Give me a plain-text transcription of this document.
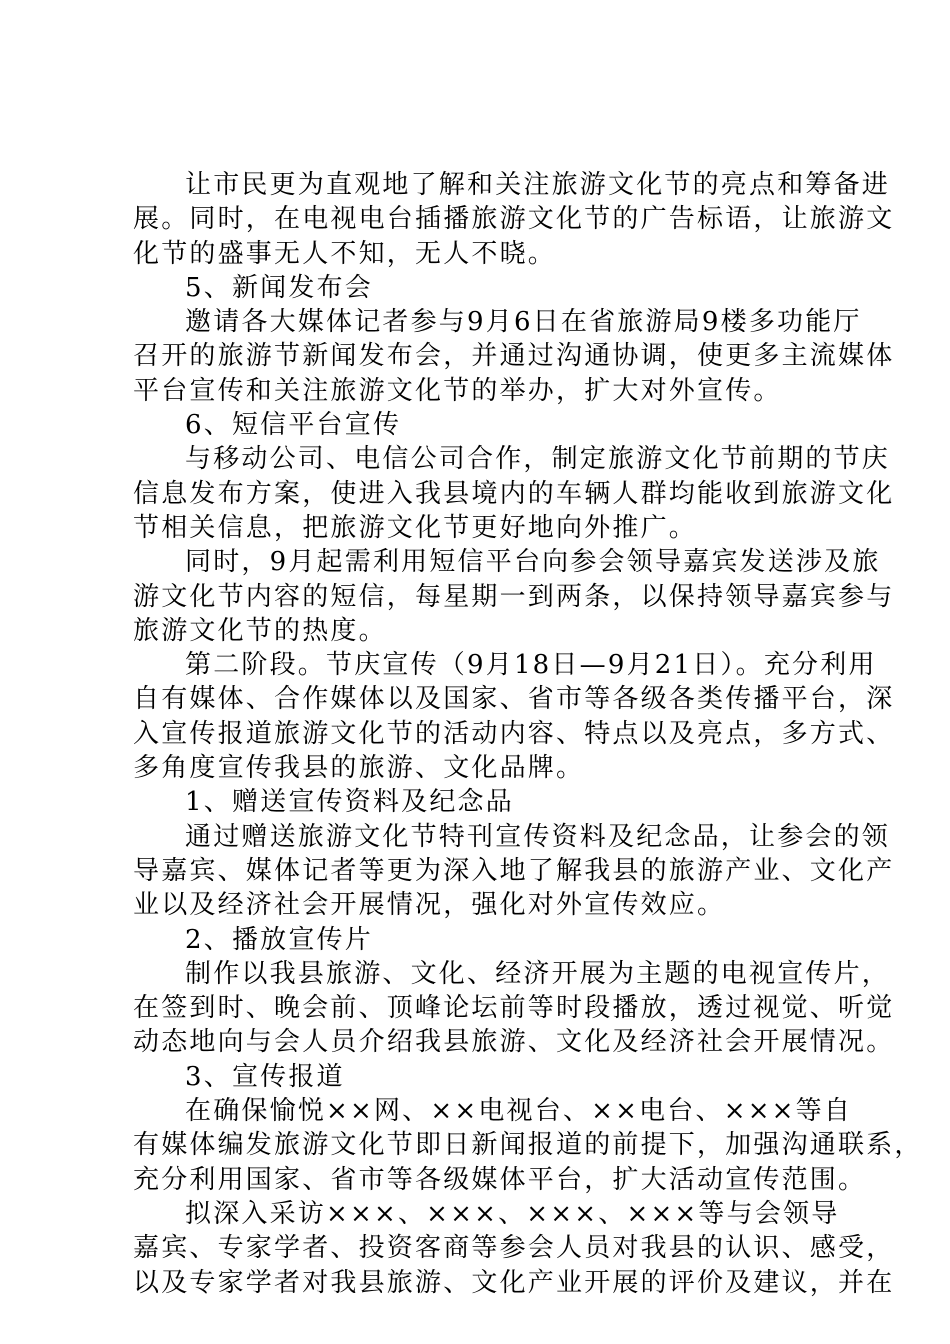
让市民更为直观地了解和关注旅游文化节的亮点和筹备进
展。同时，在电视电台插播旅游文化节的广告标语，让旅游文
化节的盛事无人不知，无人不晓。
5、新闻发布会
邀请各大媒体记者参与9月6日在省旅游局9楼多功能厅
召开的旅游节新闻发布会，并通过沟通协调，使更多主流媒体
平台宣传和关注旅游文化节的举办，扩大对外宣传。
6、短信平台宣传
与移动公司、电信公司合作，制定旅游文化节前期的节庆
信息发布方案，使进入我县境内的车辆人群均能收到旅游文化
节相关信息，把旅游文化节更好地向外推广。
同时，9月起需利用短信平台向参会领导嘉宾发送涉及旅
游文化节内容的短信，每星期一到两条，以保持领导嘉宾参与
旅游文化节的热度。
第二阶段。节庆宣传（9月18日—9月21日）。充分利用
自有媒体、合作媒体以及国家、省市等各级各类传播平台，深
入宣传报道旅游文化节的活动内容、特点以及亮点，多方式、
多角度宣传我县的旅游、文化品牌。
1、赠送宣传资料及纪念品
通过赠送旅游文化节特刊宣传资料及纪念品，让参会的领
导嘉宾、媒体记者等更为深入地了解我县的旅游产业、文化产
业以及经济社会开展情况，强化对外宣传效应。
2、播放宣传片
制作以我县旅游、文化、经济开展为主题的电视宣传片，
在签到时、晚会前、顶峰论坛前等时段播放，透过视觉、听觉
动态地向与会人员介绍我县旅游、文化及经济社会开展情况。
3、宣传报道
在确保愉悦××网、××电视台、××电台、×××等自
有媒体编发旅游文化节即日新闻报道的前提下，加强沟通联系，
充分利用国家、省市等各级媒体平台，扩大活动宣传范围。
拟深入采访×××、×××、×××、×××等与会领导
嘉宾、专家学者、投资客商等参会人员对我县的认识、感受，
以及专家学者对我县旅游、文化产业开展的评价及建议，并在
